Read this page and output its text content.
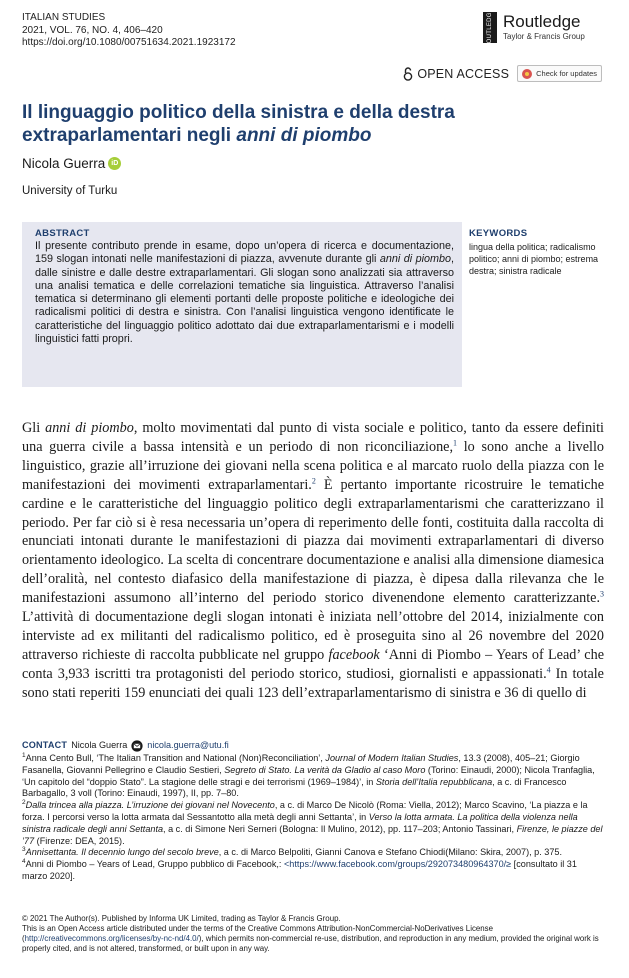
ITALIAN STUDIES
2021, VOL. 76, NO. 4, 406–420
https://doi.org/10.1080/00751634.2021.1923172	ROUTLEDGE Routledge
Taylor & Francis Group
OPEN ACCESS	Check for updates
Il linguaggio politico della sinistra e della destra
extraparlamentari negli anni di piombo
Nicola Guerra iD
University of Turku
ABSTRACT
Il presente contributo prende in esame, dopo un’opera di ricerca e documentazione, 159 slogan intonati nelle manifestazioni di piazza, avvenute durante gli anni di piombo, dalle sinistre e dalle destre extraparlamentari. Gli slogan sono analizzati sia attraverso una analisi tematica e delle correlazioni tematiche sia linguistica. Attraverso l’analisi tematica si determinano gli elementi portanti delle proposte politiche e ideologiche dei radicalismi politici di destra e sinistra. Con l’analisi linguistica vengono identificate le caratteristiche del linguaggio politico adottato dai due extraparlamentarismi e i modelli linguistici fatti propri.
KEYWORDS
lingua della politica; radicalismo politico; anni di piombo; estrema destra; sinistra radicale
Gli anni di piombo, molto movimentati dal punto di vista sociale e politico, tanto da essere definiti una guerra civile a bassa intensità e un periodo di non riconciliazione,$^1$ lo sono anche a livello linguistico, grazie all’irruzione dei giovani nella scena politica e al marcato ruolo della piazza con le manifestazioni dei movimenti extraparlamentari.$^2$ È pertanto importante ricostruire le tematiche cardine e le caratteristiche del linguaggio politico degli extraparlamentarismi che caratterizzano il periodo. Per far ciò si è resa necessaria un’opera di reperimento delle fonti, costituita dalla raccolta di enunciati intonati durante le manifestazioni di piazza dai movimenti extraparlamentari di diverso orientamento ideologico. La scelta di concentrare documentazione e analisi alla dimensione diamesica dell’oralità, nel contesto diafasico della manifestazione di piazza, è dipesa dalla rilevanza che le manifestazioni assumono all’interno del periodo storico divenendone elemento caratterizzante.$^3$ L’attività di documentazione degli slogan intonati è iniziata nell’ottobre del 2014, inizialmente con interviste ad ex militanti del radicalismo politico, ed è proseguita sino al 26 novembre del 2020 attraverso richieste di raccolta pubblicate nel gruppo facebook ‘Anni di Piombo – Years of Lead’ che conta 3,933 iscritti tra protagonisti del periodo storico, studiosi, giornalisti e appassionati.$^4$ In totale sono stati reperiti 159 enunciati dei quali 123 dell’extraparlamentarismo di sinistra e 36 di quello di
CONTACT Nicola Guerra nicola.guerra@utu.fi
$^1$Anna Cento Bull, ‘The Italian Transition and National (Non)Reconciliation’, Journal of Modern Italian Studies, 13.3 (2008), 405–21; Giorgio Fasanella, Giovanni Pellegrino e Claudio Sestieri, Segreto di Stato. La verità da Gladio al caso Moro (Torino: Einaudi, 2000); Nicola Tranfaglia, ‘Un capitolo del “doppio Stato”. La stagione delle stragi e dei terrorismi (1969–1984)’, in Storia dell’Italia repubblicana, a c. di Francesco Barbagallo, 3 voll (Torino: Einaudi, 1997), II, pp. 7–80.
$^2$Dalla trincea alla piazza. L’irruzione dei giovani nel Novecento, a c. di Marco De Nicolò (Roma: Viella, 2012); Marco Scavino, ‘La piazza e la forza. I percorsi verso la lotta armata dal Sessantotto alla metà degli anni Settanta’, in Verso la lotta armata. La politica della violenza nella sinistra radicale degli anni Settanta, a c. di Simone Neri Serneri (Bologna: Il Mulino, 2012), pp. 117–203; Antonio Tassinari, Firenze, le piazze del ’77 (Firenze: DEA, 2015).
$^3$Annisettanta. Il decennio lungo del secolo breve, a c. di Marco Belpoliti, Gianni Canova e Stefano Chiodi(Milano: Skira, 2007), p. 375.
$^4$Anni di Piombo – Years of Lead, Gruppo pubblico di Facebook,: <https://www.facebook.com/groups/292073480964370/≥ [consultato il 31 marzo 2020].
© 2021 The Author(s). Published by Informa UK Limited, trading as Taylor & Francis Group.
This is an Open Access article distributed under the terms of the Creative Commons Attribution-NonCommercial-NoDerivatives License (http://creativecommons.org/licenses/by-nc-nd/4.0/), which permits non-commercial re-use, distribution, and reproduction in any medium, provided the original work is properly cited, and is not altered, transformed, or built upon in any way.
